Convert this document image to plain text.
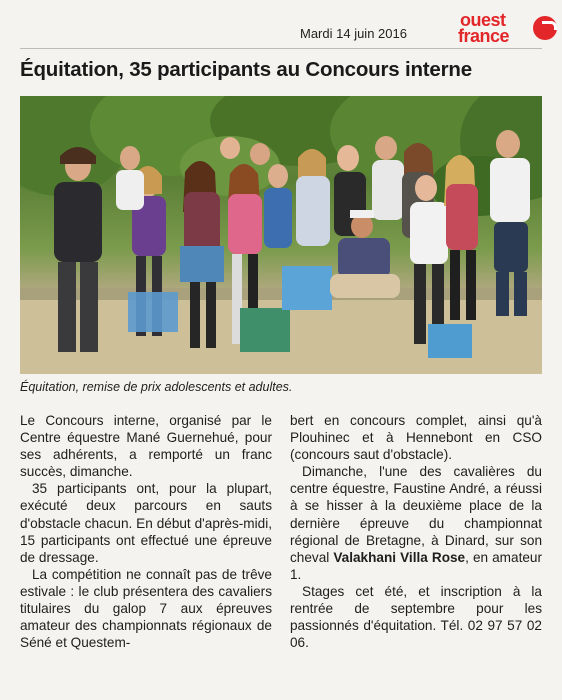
Mardi 14 juin 2016
ouest
france
Équitation, 35 participants au Concours interne
Équitation, remise de prix adolescents et adultes.

Le Concours interne, organisé par le Centre équestre Mané Guernehué, pour ses adhérents, a remporté un franc succès, dimanche.

35 participants ont, pour la plupart, exécuté deux parcours en sauts d'obstacle chacun. En début d'après-midi, 15 participants ont effectué une épreuve de dressage.

La compétition ne connaît pas de trêve estivale : le club présentera des cavaliers titulaires du galop 7 aux épreuves amateur des championnats régionaux de Séné et Questem-

bert en concours complet, ainsi qu'à Plouhinec et à Hennebont en CSO (concours saut d'obstacle).

Dimanche, l'une des cavalières du centre équestre, Faustine André, a réussi à se hisser à la deuxième place de la dernière épreuve du championnat régional de Bretagne, à Dinard, sur son cheval Valakhani Villa Rose, en amateur 1.

Stages cet été, et inscription à la rentrée de septembre pour les passionnés d'équitation. Tél. 02 97 57 02 06.
